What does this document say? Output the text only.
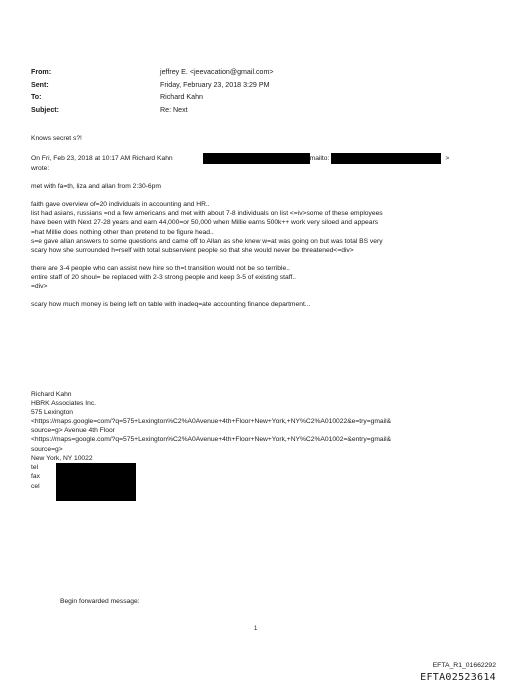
From:	jeffrey E. <jeevacation@gmail.com>
Sent:	Friday, February 23, 2018 3:29 PM
To:	Richard Kahn
Subject:	Re: Next

Knows secret s?!

On Fri, Feb 23, 2018 at 10:17 AM Richard Kahn	mailto:	>

wrote:

met with fa=th, liza and allan from 2:30-6pm

faith gave overview of=20 individuals in accounting and HR..

list had asians, russians =nd a few americans and met with about 7-8 individuals on list <=iv>some of these employees

have been with Next 27-28 years and earn 44,000=or 50,000 when Millie earns 500k++ work very siloed and appears

=hat Millie does nothing other than pretend to be figure head..

s=e gave allan answers to some questions and came off to Allan as she knew w=at was going on but was total BS very

scary how she surrounded h=rself with total subservient people so that she would never be threatened<=div>

there are 3-4 people who can assist new hire so th=t transition would not be so terrible..

entire staff of 20 shoul= be replaced with 2-3 strong people and keep 3-5 of existing staff..

=div>

scary how much money is being left on table with inadeq=ate accounting finance department...

Richard Kahn

HBRK Associates Inc.

575 Lexington

<https://maps.google=com/?q=575+Lexington%C2%A0Avenue+4th+Floor+New+York,+NY%C2%A010022&e=try=gmail&

source=g> Avenue 4th Floor

<https://maps=google.com/?q=575+Lexington%C2%A0Avenue+4th+Floor+New+York,+NY%C2%A01002=&entry=gmail&

source=g>

New York, NY 10022

tel
fax
cel
Begin forwarded message:
1
EFTA_R1_01662292
EFTA02523614
